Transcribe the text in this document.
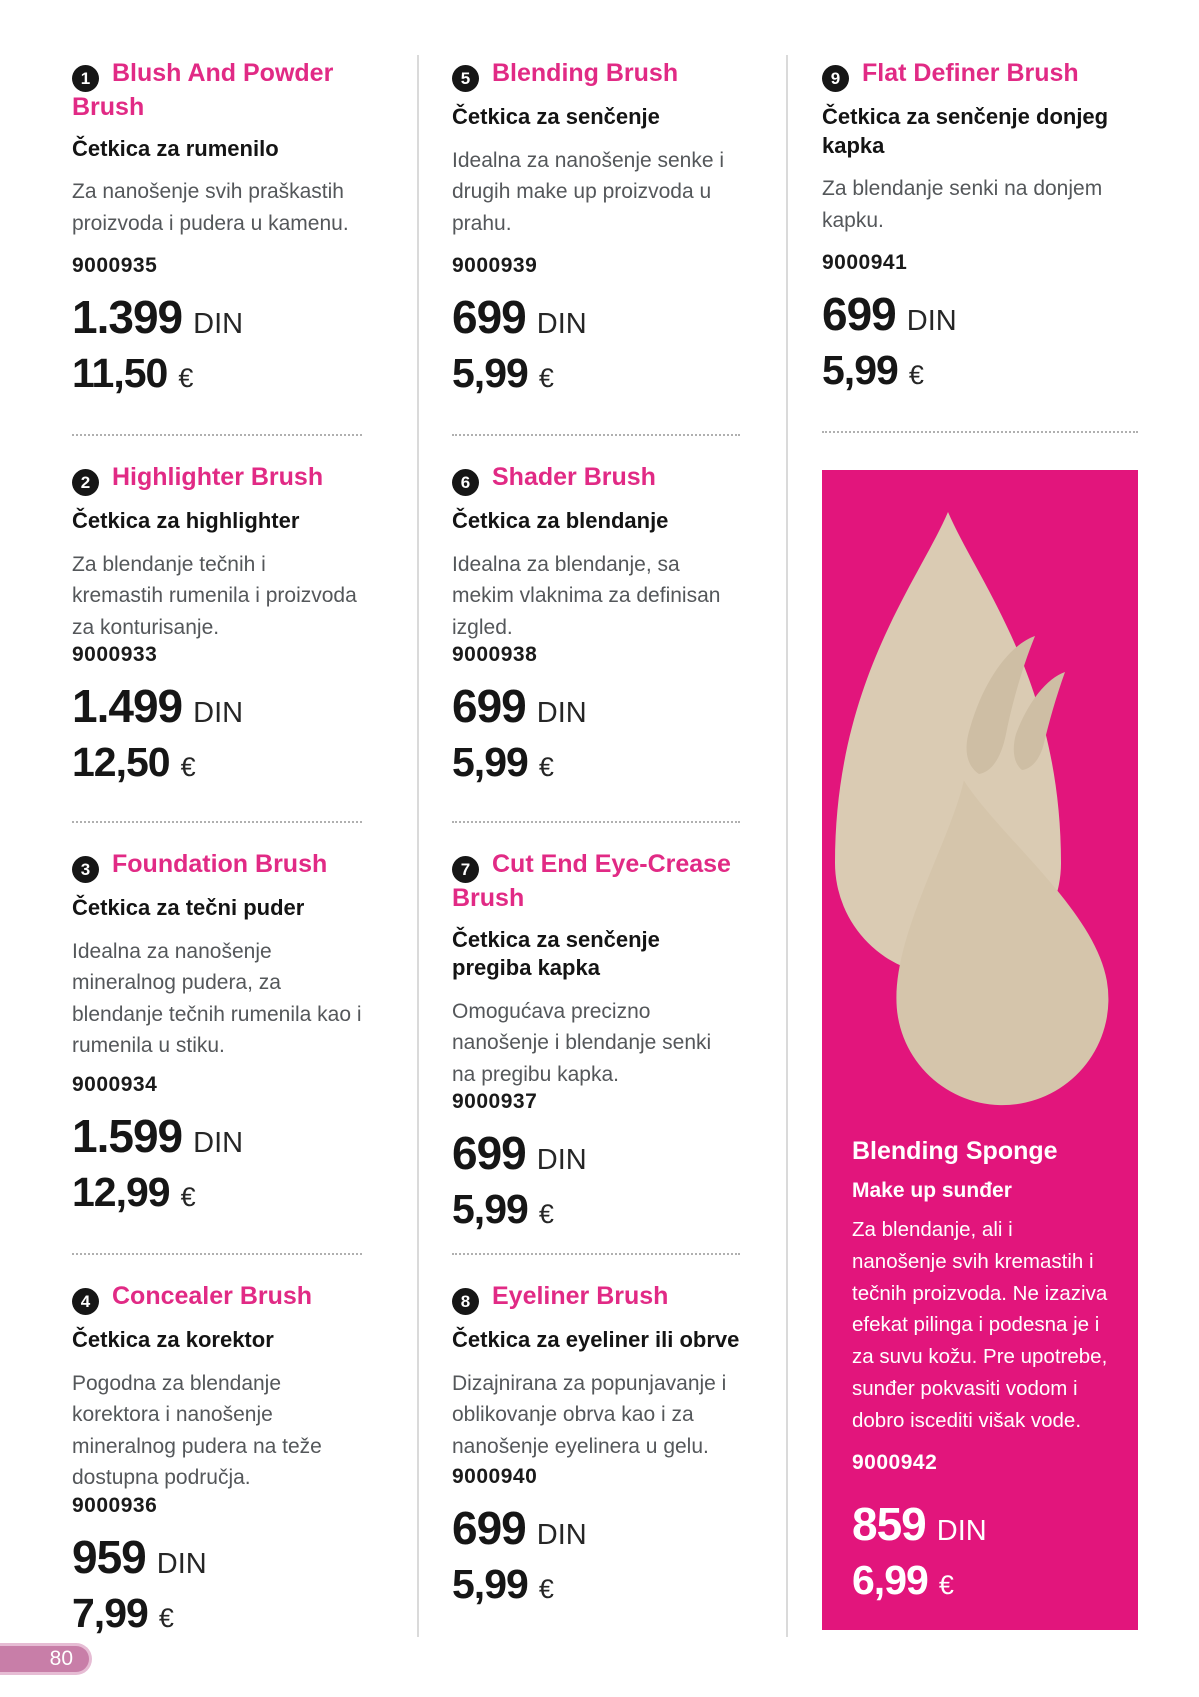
1 Blush And Powder Brush
Četkica za rumenilo

Za nanošenje svih praškastih proizvoda i pudera u kamenu.

9000935
1.399 DIN
11,50 €
2 Highlighter Brush
Četkica za highlighter

Za blendanje tečnih i kremastih rumenila i proizvoda za konturisanje.

9000933
1.499 DIN
12,50 €
3 Foundation Brush
Četkica za tečni puder

Idealna za nanošenje mineralnog pudera, za blendanje tečnih rumenila kao i rumenila u stiku.

9000934
1.599 DIN
12,99 €
4 Concealer Brush
Četkica za korektor

Pogodna za blendanje korektora i nanošenje mineralnog pudera na teže dostupna područja.

9000936
959 DIN
7,99 €
5 Blending Brush
Četkica za senčenje

Idealna za nanošenje senke i drugih make up proizvoda u prahu.

9000939
699 DIN
5,99 €
6 Shader Brush
Četkica za blendanje

Idealna za blendanje, sa mekim vlaknima za definisan izgled.

9000938
699 DIN
5,99 €
7 Cut End Eye-Crease Brush
Četkica za senčenje pregiba kapka

Omogućava precizno nanošenje i blendanje senki na pregibu kapka.

9000937
699 DIN
5,99 €
8 Eyeliner Brush
Četkica za eyeliner ili obrve

Dizajnirana za popunjavanje i oblikovanje obrva kao i za nanošenje eyelinera u gelu.

9000940
699 DIN
5,99 €
9 Flat Definer Brush
Četkica za senčenje donjeg kapka

Za blendanje senki na donjem kapku.

9000941
699 DIN
5,99 €
Blending Sponge
Make up sunđer
Za blendanje, ali i nanošenje svih kremastih i tečnih proizvoda. Ne izaziva efekat pilinga i podesna je i za suvu kožu. Pre upotrebe, sunđer pokvasiti vodom i dobro iscediti višak vode.
9000942
859 DIN
6,99 €
80
